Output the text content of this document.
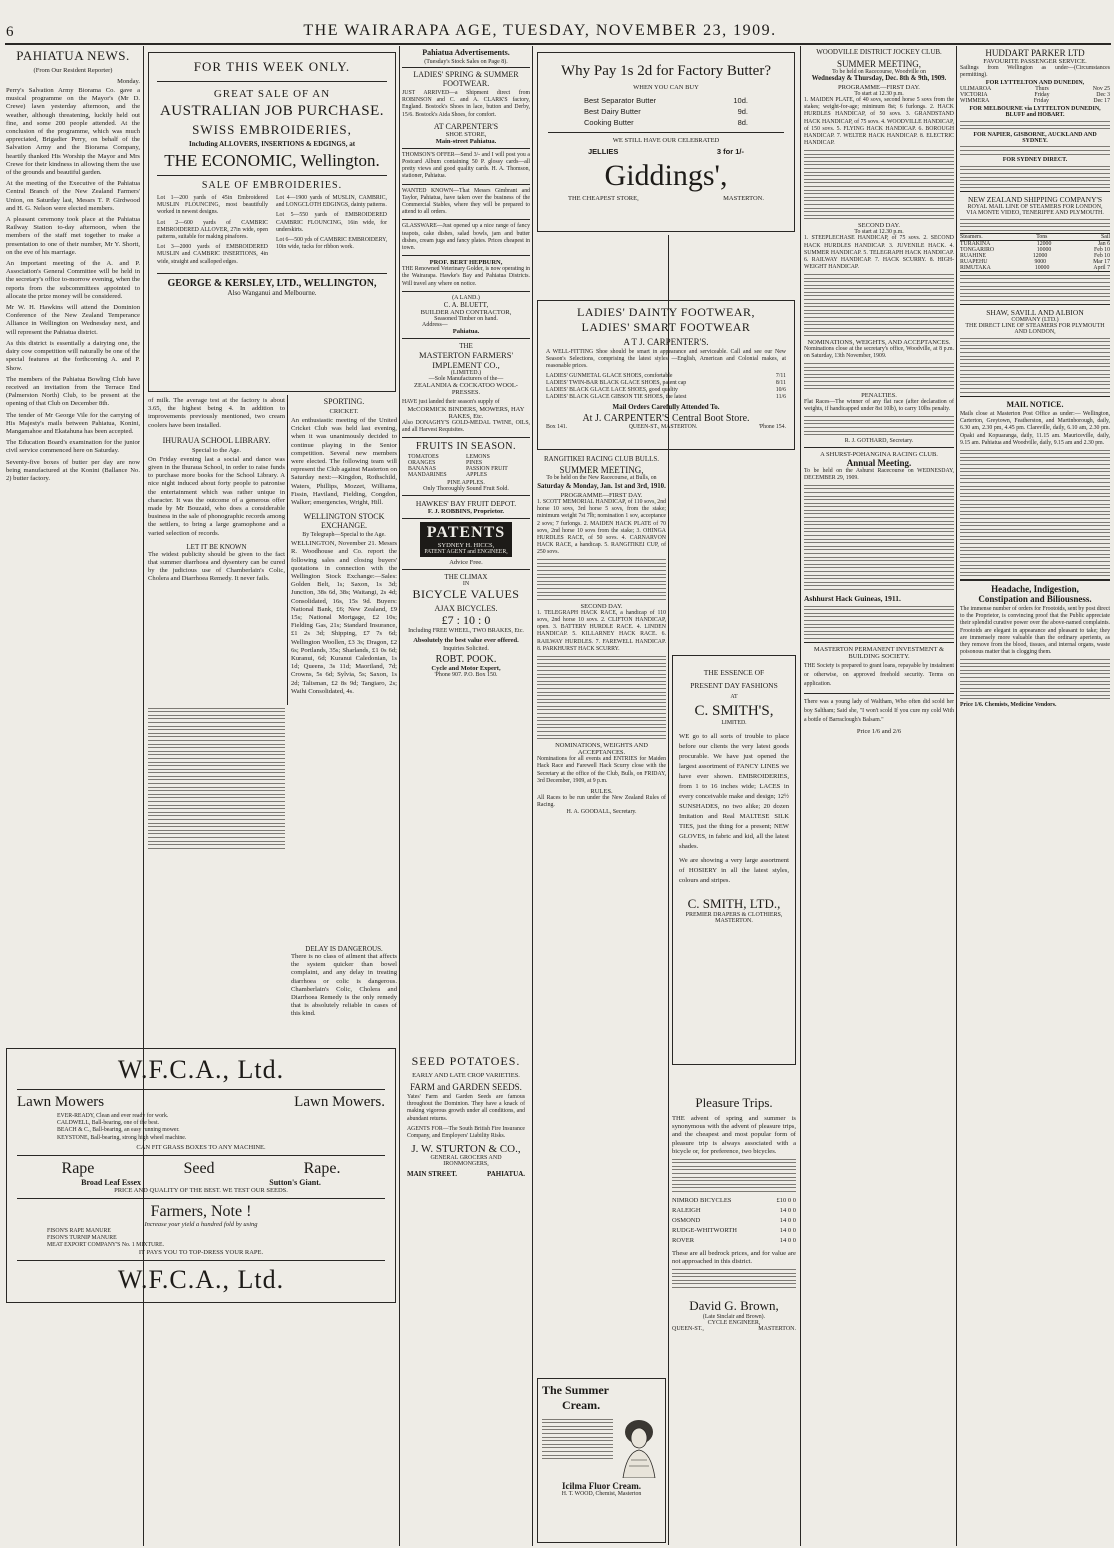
6	THE WAIRARAPA AGE, TUESDAY, NOVEMBER 23, 1909.
PAHIATUA NEWS.
(From Our Resident Reporter)
Monday.

Perry's Salvation Army Biorama Co. gave a musical programme on the Mayor's (Mr D. Crewe) lawn yesterday afternoon, and the weather, although threatening, luckily held out fine, and some 200 people attended. At the conclusion of the programme, which was much appreciated, Brigadier Perry, on behalf of the Salvation Army and the Biorama Company, heartily thanked His Worship the Mayor and Mrs Crewe for their kindness in allowing them the use of the grounds and beautiful garden.

At the meeting of the Executive of the Pahiatua Central Branch of the New Zealand Farmers' Union, on Saturday last, Messrs T. P. Girdwood and H. G. Nelson were elected members.

A pleasant ceremony took place at the Pahiatua Railway Station to-day afternoon, when the members of the staff met together to make a presentation to one of their number, Mr Y. Shortt, on the eve of his marriage.

An important meeting of the A. and P. Association's General Committee will be held in the secretary's office to-morrow evening, when the reports from the subcommittees appointed to allocate the prize money will be considered.

Mr W. H. Hawkins will attend the Dominion Conference of the New Zealand Temperance Alliance in Wellington on Wednesday next, and will represent the Pahiatua district.

As this district is essentially a dairying one, the dairy cow competition will naturally be one of the special features at the forthcoming A. and P. Show.

The members of the Pahiatua Bowling Club have received an invitation from the Terrace End (Palmerston North) Club, to be present at the opening of that Club on December 8th.

The tender of Mr George Vile for the carrying of His Majesty's mails between Pahiatua, Konini, Mangamahoe and Ekatahuna has been accepted.

The Education Board's examination for the junior civil service commenced here on Saturday.

Seventy-five boxes of butter per day are now being manufactured at the Konini (Ballance No. 2) butter factory.

FOR THIS WEEK ONLY.
GREAT SALE OF AN
AUSTRALIAN JOB PURCHASE.
SWISS EMBROIDERIES,
Including ALLOVERS, INSERTIONS & EDGINGS, at
THE ECONOMIC, Wellington.
SALE OF EMBROIDERIES.

Lot 1—200 yards of 45in Embroidered MUSLIN FLOUNCING, most beautifully worked in newest designs.

Lot 2—600 yards of CAMBRIC EMBROIDERED ALLOVER, 27in wide, open patterns, suitable for making pinafores.

Lot 3—2000 yards of EMBROIDERED MUSLIN and CAMBRIC INSERTIONS, 4in wide, straight and scalloped edges.

Lot 4—1900 yards of MUSLIN, CAMBRIC, and LONGCLOTH EDGINGS, dainty patterns.

Lot 5—550 yards of EMBROIDERED CAMBRIC FLOUNCING, 16in wide, for underskirts.

Lot 6—500 yds of CAMBRIC EMBROIDERY, 10in wide, tucks for ribbon work.

GEORGE & KERSLEY, LTD., WELLINGTON,
Also Wanganui and Melbourne.
of milk. The average test at the factory is about 3.65, the highest being 4. In addition to improvements previously mentioned, two cream coolers have been installed.
IHURAUA SCHOOL LIBRARY.
Special to the Age.
On Friday evening last a social and dance was given in the Ihuraua School, in order to raise funds to purchase more books for the School Library. A nice night induced about forty people to patronise the entertainment which was rather unique in character. It was the outcome of a generous offer made by Mr Bouzaid, who does a considerable business in the sale of phonographic records among the settlers, to bring a large gramophone and a varied selection of records.
LET IT BE KNOWN
The widest publicity should be given to the fact that summer diarrhoea and dysentery can be cured by the judicious use of Chamberlain's Colic, Cholera and Diarrhoea Remedy. It never fails.
SPORTING.
CRICKET.
An enthusiastic meeting of the United Cricket Club was held last evening, when it was unanimously decided to continue playing in the Senior competition. Several new members were elected. The following team will represent the Club against Masterton on Saturday next:—Kingdon, Rothschild, Waters, Phillips, Mozzet, Williams, Fissin, Haviland, Fielding, Congdon, Walker; emergencies, Wright, Hill.
WELLINGTON STOCK EXCHANGE.
By Telegraph—Special to the Age.
WELLINGTON, November 21. Messrs R. Woodhouse and Co. report the following sales and closing buyers' quotations in connection with the Wellington Stock Exchange:—Sales: Golden Belt, 1s; Saxon, 1s 3d; Junction, 38s 6d, 38s; Waitangi, 2s 4d; Consolidated, 16s, 15s 9d. Buyers: National Bank, £6; New Zealand, £9 15s; National Mortgage, £2 10s; Fielding Gas, 21s; Standard Insurance, £1 2s 3d; Shipping, £7 7s 6d; Wellington Woollen, £3 3s; Dragon, £2 6s; Portlands, 35s; Sharlands, £1 0s 6d; Kuranui, 6d; Kuranui Caledonian, 1s 1d; Queens, 3s 11d; Maoriland, 7d; Crowns, 5s 6d; Sylvia, 5s; Saxon, 1s 2d; Talisman, £2 8s 9d; Tangiaro, 2s; Waihi Consolidated, 4s.
DELAY IS DANGEROUS.
There is no class of ailment that affects the system quicker than bowel complaint, and any delay in treating diarrhoea or colic is dangerous. Chamberlain's Colic, Cholera and Diarrhoea Remedy is the only remedy that is absolutely reliable in cases of this kind.
W.F.C.A., Ltd.
Lawn Mowers	Lawn Mowers.
EVER-READY, Clean and ever ready for work.
CALDWELL, Ball-bearing, one of the best.
BEACH & C., Ball-bearing, an easy running mower.
KEYSTONE, Ball-bearing, strong high wheel machine.
CAN FIT GRASS BOXES TO ANY MACHINE.
Rape	Seed	Rape.
Broad Leaf Essex	Sutton's Giant.
PRICE AND QUALITY OF THE BEST. WE TEST OUR SEEDS.
Farmers, Note !
Increase your yield a hundred fold by using
FISON'S RAPE MANURE
FISON'S TURNIP MANURE
MEAT EXPORT COMPANY'S No. 1 MIXTURE.
IT PAYS YOU TO TOP-DRESS YOUR RAPE.
W.F.C.A., Ltd.
Pahiatua Advertisements.
(Tuesday's Stock Sales on Page 8).
LADIES' SPRING & SUMMER FOOTWEAR.
JUST ARRIVED—a Shipment direct from ROBINSON and C. and A. CLARK'S factory, England. Bostock's Shoes in lace, button and Derby, 15/6. Bostock's Aida Shoes, for comfort.
AT CARPENTER'S
SHOE STORE,
Main-street Pahiatua.
THOMSON'S OFFER—Send 3/- and I will post you a Postcard Album containing 50 P. glossy cards—all pretty views and good quality cards. H. A. Thomson, stationer, Pahiatua.
WANTED KNOWN—That Messrs Gimbrant and Taylor, Pahiatua, have taken over the business of the Commercial Stables, where they will be prepared to attend to all orders.
GLASSWARE—Just opened up a nice range of fancy teapots, cake dishes, salad bowls, jam and butter dishes, cream jugs and fancy plates. Prices cheapest in town.
PROF. BERT HEPBURN,
THE Renowned Veterinary Golder, is now operating in the Wairarapa. Hawke's Bay and Pahiatua Districts. Will travel any where on notice.
(A LAND.)
C. A. BLUETT,
BUILDER AND CONTRACTOR,
Seasoned Timber on hand.
Address—
Pahiatua.
THE
MASTERTON FARMERS'
IMPLEMENT CO.,
(LIMITED.)
—Sole Manufacturers of the—
ZEALANDIA & COCKATOO WOOL-PRESSES.
HAVE just landed their season's supply of
McCORMICK BINDERS, MOWERS, HAY RAKES, Etc.
Also DONAGHY'S GOLD-MEDAL TWINE, OILS, and all Harvest Requisites.
FRUITS IN SEASON.
TOMATOES	LEMONS
ORANGES	PINES
BANANAS	PASSION FRUIT
MANDARINES	APPLES
PINE APPLES.
Only Thoroughly Sound Fruit Sold.
HAWKES' BAY FRUIT DEPOT.
F. J. ROBBINS, Proprietor.
PATENTS
SYDNEY H. HICCS,
PATENT AGENT and ENGINEER,
Advice Free.
THE CLIMAX
IN
BICYCLE VALUES
AJAX BICYCLES.
£7 : 10 : 0
Including FREE WHEEL, TWO BRAKES, Etc.
Absolutely the best value ever offered.
Inquiries Solicited.
ROBT. POOK.
Cycle and Motor Expert,
'Phone 907. P.O. Box 150.
SEED POTATOES.
EARLY AND LATE CROP VARIETIES.
FARM and GARDEN SEEDS.
Yates' Farm and Garden Seeds are famous throughout the Dominion. They have a knack of making vigorous growth under all conditions, and abundant returns.
AGENTS FOR—The South British Fire Insurance Company, and Employers' Liability Risks.
J. W. STURTON & CO.,
GENERAL GROCERS AND IRONMONGERS,
MAIN STREET.	PAHIATUA.
Why Pay 1s 2d for Factory Butter?
WHEN YOU CAN BUY
Best Separator Butter	10d.
Best Dairy Butter	9d.
Cooking Butter	8d.
WE STILL HAVE OUR CELEBRATED
JELLIES	3 for 1/-
Giddings',
THE CHEAPEST STORE,	MASTERTON.
LADIES' DAINTY FOOTWEAR,
LADIES' SMART FOOTWEAR
A T J. CARPENTER'S.
A WELL-FITTING Shoe should be smart in appearance and serviceable. Call and see our New Season's Selections, comprising the latest styles —English, American and Colonial makes, at reasonable prices.
LADIES' GUNMETAL GLACE SHOES, comfortable	7/11
LADIES' TWIN-BAR BLACK GLACE SHOES, patent cap	8/11
LADIES' BLACK GLACE LACE SHOES, good quality	10/6
LADIES' BLACK GLACE GIBSON TIE SHOES, the latest	11/6
Mail Orders Carefully Attended To.
At J. CARPENTER'S Central Boot Store.
Box 141.	QUEEN-ST., MASTERTON.	'Phone 154.
RANGITIKEI RACING CLUB BULLS.
SUMMER MEETING,
To be held on the New Racecourse, at Bulls, on
Saturday & Monday, Jan. 1st and 3rd, 1910.
PROGRAMME—FIRST DAY.
1. SCOTT MEMORIAL HANDICAP, of 110 sovs, 2nd horse 10 sovs, 3rd horse 5 sovs, from the stake; minimum weight 7st 7lb; nomination 1 sov, acceptance 2 sovs; 7 furlongs. 2. MAIDEN HACK PLATE of 70 sovs, 2nd horse 10 sovs from the stake; 3. OHINGA HURDLES RACE, of 50 sovs. 4. CARNARVON HACK RACE, a handicap. 5. RANGITIKEI CUP, of 250 sovs.
SECOND DAY.
1. TELEGRAPH HACK RACE, a handicap of 110 sovs, 2nd horse 10 sovs. 2. CLIFTON HANDICAP, open. 3. BATTERY HURDLE RACE. 4. LINDEN HANDICAP. 5. KILLARNEY HACK RACE. 6. RAILWAY HURDLES. 7. FAREWELL HANDICAP. 8. PARKHURST HACK SCURRY.
NOMINATIONS, WEIGHTS AND ACCEPTANCES.
Nominations for all events and ENTRIES for Maiden Hack Race and Farewell Hack Scurry close with the Secretary at the office of the Club, Bulls, on FRIDAY, 3rd December, 1909, at 9 p.m.
RULES.
All Races to be run under the New Zealand Rules of Racing.
H. A. GOODALL, Secretary.
The Summer
Cream.
Icilma Fluor Cream.
H. T. WOOD, Chemist, Masterton
THE ESSENCE OF
PRESENT DAY FASHIONS
AT
C. SMITH'S,
LIMITED.
WE go to all sorts of trouble to place before our clients the very latest goods procurable. We have just opened the largest assortment of FANCY LINES we have ever shown. EMBROIDERIES, from 1 to 16 inches wide; LACES in every conceivable make and design; 12½ SUNSHADES, no two alike; 20 dozen Imitation and Real MALTESE SILK TIES, just the thing for a present; NEW GLOVES, in fabric and kid, all the latest shades.
We are showing a very large assortment of HOSIERY in all the latest styles, colours and stripes.
C. SMITH, LTD.,
PREMIER DRAPERS & CLOTHIERS,
MASTERTON.
Pleasure Trips.
THE advent of spring and summer is synonymous with the advent of pleasure trips, and the cheapest and most popular form of pleasure trip is always associated with a bicycle or, for preference, two bicycles.
NIMROD BICYCLES	£10 0 0
RALEIGH	14 0 0
OSMOND	14 0 0
RUDGE-WHITWORTH	14 0 0
ROVER	14 0 0
These are all bedrock prices, and for value are not approached in this district.
David G. Brown,
(Late Sinclair and Brown).
CYCLE ENGINEER,
QUEEN-ST.,	MASTERTON.
WOODVILLE DISTRICT JOCKEY CLUB.
SUMMER MEETING,
To be held on Racecourse, Woodville on
Wednesday & Thursday, Dec. 8th & 9th, 1909.
PROGRAMME—FIRST DAY.
To start at 12.30 p.m.
1. MAIDEN PLATE, of 40 sovs, second horse 5 sovs from the stakes; weight-for-age; minimum 8st; 6 furlongs. 2. HACK HURDLES HANDICAP, of 50 sovs. 3. GRANDSTAND HACK HANDICAP, of 75 sovs. 4. WOODVILLE HANDICAP, of 150 sovs. 5. FLYING HACK HANDICAP. 6. BOROUGH HANDICAP. 7. WELTER HACK HANDICAP. 8. ELECTRIC HANDICAP.
SECOND DAY.
To start at 12.30 p.m.
1. STEEPLECHASE HANDICAP, of 75 sovs. 2. SECOND HACK HURDLES HANDICAP. 3. JUVENILE HACK. 4. SUMMER HANDICAP. 5. TELEGRAPH HACK HANDICAP. 6. RAILWAY HANDICAP. 7. HACK SCURRY. 8. HIGH-WEIGHT HANDICAP.
NOMINATIONS, WEIGHTS, AND ACCEPTANCES.
Nominations close at the secretary's office, Woodville, at 8 p.m. on Saturday, 13th November, 1909.
PENALTIES.
Flat Races—The winner of any flat race (after declaration of weights, if handicapped under 8st 10lb), to carry 10lbs penalty.
R. J. GOTHARD, Secretary.
A SHURST-POHANGINA RACING CLUB.
Annual Meeting.
To be held on the Ashurst Racecourse on WEDNESDAY, DECEMBER 29, 1909.
Ashhurst Hack Guineas, 1911.
MASTERTON PERMANENT INVESTMENT & BUILDING SOCIETY.
THE Society is prepared to grant loans, repayable by instalment or otherwise, on approved freehold security. Terms on application.
There was a young lady of Waltham, Who often did scold her boy Saltham; Said she, "I won't scold If you cure my cold With a bottle of Barraclough's Balsam."
Price 1/6 and 2/6
HUDDART PARKER LTD
FAVOURITE PASSENGER SERVICE.
Sailings from Wellington as under—(Circumstances permitting).
FOR LYTTELTON AND DUNEDIN,
ULIMAROA	Thurs	Nov 25
VICTORIA	Friday	Dec 3
WIMMERA	Friday	Dec 17
FOR MELBOURNE via LYTTELTON DUNEDIN, BLUFF and HOBART.
FOR NAPIER, GISBORNE, AUCKLAND AND SYDNEY.
FOR SYDNEY DIRECT.
NEW ZEALAND SHIPPING COMPANY'S
ROYAL MAIL LINE OF STEAMERS FOR LONDON,
VIA MONTE VIDEO, TENERIFFE AND PLYMOUTH.
Steamers.	Tons	Sail
TURAKINA	12000	Jan 6
TONGARIRO	10000	Feb 10
RUAHINE	12000	Feb 10
RUAPEHU	9000	Mar 17
RIMUTAKA	10000	April 7
SHAW, SAVILL AND ALBION
COMPANY (LTD.)
THE DIRECT LINE OF STEAMERS FOR PLYMOUTH AND LONDON,
MAIL NOTICE.
Mails close at Masterton Post Office as under:— Wellington, Carterton, Greytown, Featherston, and Martinborough, daily, 6.30 am, 2.30 pm, 4.45 pm. Clareville, daily, 6.10 am, 2.30 pm. Opaki and Kopuaranga, daily, 11.15 am. Mauriceville, daily, 9.15 am. Pahiatua and Woodville, daily, 9.15 am and 2.30 pm.
Headache, Indigestion,
Constipation and Biliousness.
The immense number of orders for Frootoids, sent by post direct to the Proprietor, is convincing proof that the Public appreciate their splendid curative power over the above-named complaints. Frootoids are elegant in appearance and pleasant to take; they are immensely more valuable than the ordinary aperients, as they remove from the blood, tissues, and internal organs, waste poisonous matter that is clogging them.
Price 1/6. Chemists, Medicine Vendors.
